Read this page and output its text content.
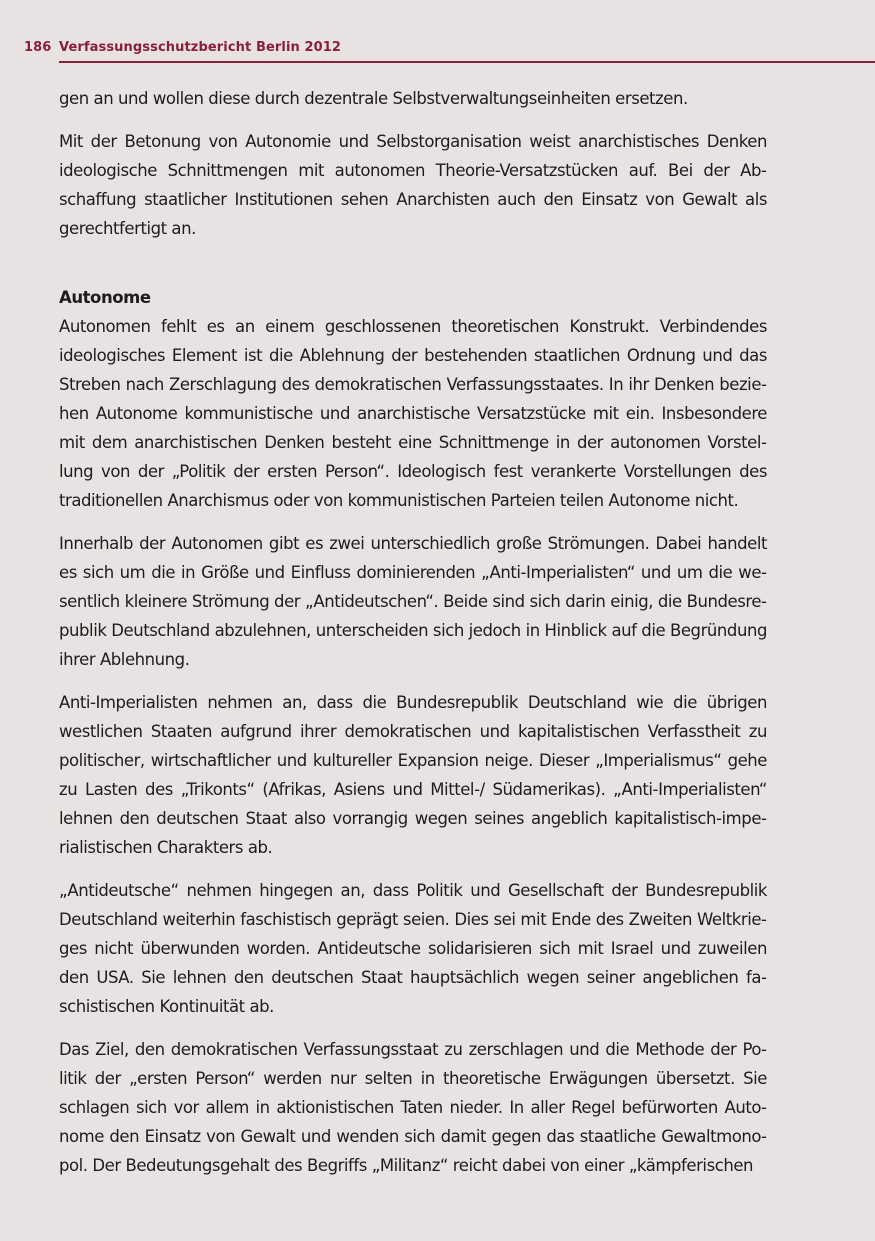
186 Verfassungsschutzbericht Berlin 2012

gen an und wollen diese durch dezentrale Selbstverwaltungseinheiten ersetzen.

Mit der Betonung von Autonomie und Selbstorganisation weist anarchistisches Denken ideologische Schnittmengen mit autonomen Theorie-Versatzstücken auf. Bei der Abschaffung staatlicher Institutionen sehen Anarchisten auch den Einsatz von Gewalt als gerechtfertigt an.

Autonome

Autonomen fehlt es an einem geschlossenen theoretischen Konstrukt. Verbindendes ideologisches Element ist die Ablehnung der bestehenden staatlichen Ordnung und das Streben nach Zerschlagung des demokratischen Verfassungsstaates. In ihr Denken beziehen Autonome kommunistische und anarchistische Versatzstücke mit ein. Insbesondere mit dem anarchistischen Denken besteht eine Schnittmenge in der autonomen Vorstellung von der „Politik der ersten Person“. Ideologisch fest verankerte Vorstellungen des traditionellen Anarchismus oder von kommunistischen Parteien teilen Autonome nicht.

Innerhalb der Autonomen gibt es zwei unterschiedlich große Strömungen. Dabei handelt es sich um die in Größe und Einfluss dominierenden „Anti-Imperialisten“ und um die wesentlich kleinere Strömung der „Antideutschen“. Beide sind sich darin einig, die Bundesrepublik Deutschland abzulehnen, unterscheiden sich jedoch in Hinblick auf die Begründung ihrer Ablehnung.

Anti-Imperialisten nehmen an, dass die Bundesrepublik Deutschland wie die übrigen westlichen Staaten aufgrund ihrer demokratischen und kapitalistischen Verfasstheit zu politischer, wirtschaftlicher und kultureller Expansion neige. Dieser „Imperialismus“ gehe zu Lasten des „Trikonts“ (Afrikas, Asiens und Mittel-/ Südamerikas). „Anti-Imperialisten“ lehnen den deutschen Staat also vorrangig wegen seines angeblich kapitalistisch-imperialistischen Charakters ab.

„Antideutsche“ nehmen hingegen an, dass Politik und Gesellschaft der Bundesrepublik Deutschland weiterhin faschistisch geprägt seien. Dies sei mit Ende des Zweiten Weltkrieges nicht überwunden worden. Antideutsche solidarisieren sich mit Israel und zuweilen den USA. Sie lehnen den deutschen Staat hauptsächlich wegen seiner angeblichen faschistischen Kontinuität ab.

Das Ziel, den demokratischen Verfassungsstaat zu zerschlagen und die Methode der Politik der „ersten Person“ werden nur selten in theoretische Erwägungen übersetzt. Sie schlagen sich vor allem in aktionistischen Taten nieder. In aller Regel befürworten Autonome den Einsatz von Gewalt und wenden sich damit gegen das staatliche Gewaltmonopol. Der Bedeutungsgehalt des Begriffs „Militanz“ reicht dabei von einer „kämpferischen
